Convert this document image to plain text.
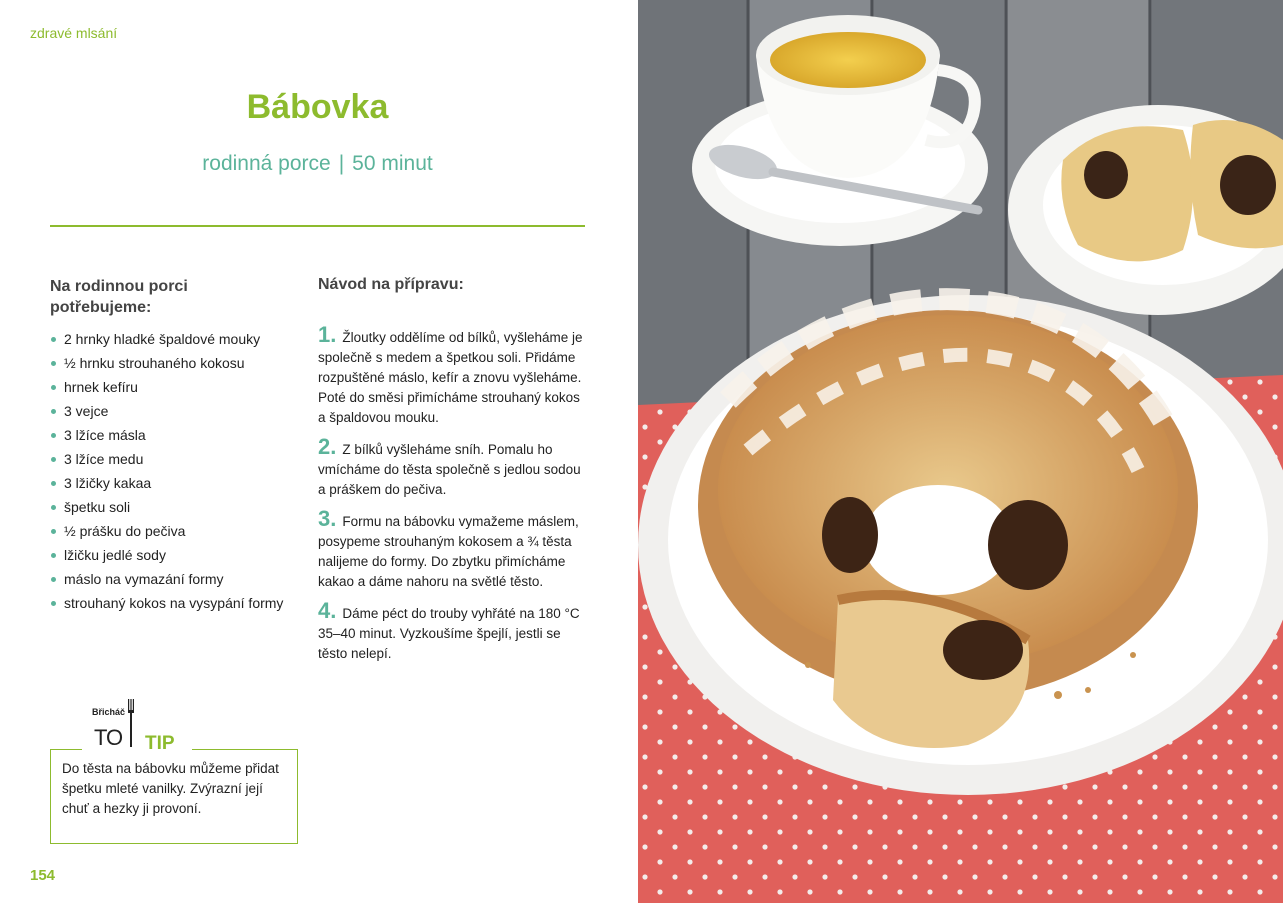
zdravé mlsání
Bábovka
rodinná porce | 50 minut
Na rodinnou porci potřebujeme:
2 hrnky hladké špaldové mouky
½ hrnku strouhaného kokosu
hrnek kefíru
3 vejce
3 lžíce másla
3 lžíce medu
3 lžičky kakaa
špetku soli
½ prášku do pečiva
lžičku jedlé sody
máslo na vymazání formy
strouhaný kokos na vysypání formy
Návod na přípravu:
1. Žloutky oddělíme od bílků, vyšleháme je společně s medem a špetkou soli. Přidáme rozpuštěné máslo, kefír a znovu vyšleháme. Poté do směsi přimícháme strouhaný kokos a špaldovou mouku.
2. Z bílků vyšleháme sníh. Pomalu ho vmícháme do těsta společně s jedlou sodou a práškem do pečiva.
3. Formu na bábovku vymažeme máslem, posypeme strouhaným kokosem a ¾ těsta nalijeme do formy. Do zbytku přimícháme kakao a dáme nahoru na světlé těsto.
4. Dáme péct do trouby vyhřáté na 180 °C 35–40 minut. Vyzkoušíme špejlí, jestli se těsto nelepí.
Břicháč
TO TIP
Do těsta na bábovku můžeme přidat špetku mleté vanilky. Zvýrazní její chuť a hezky ji provoní.
154
